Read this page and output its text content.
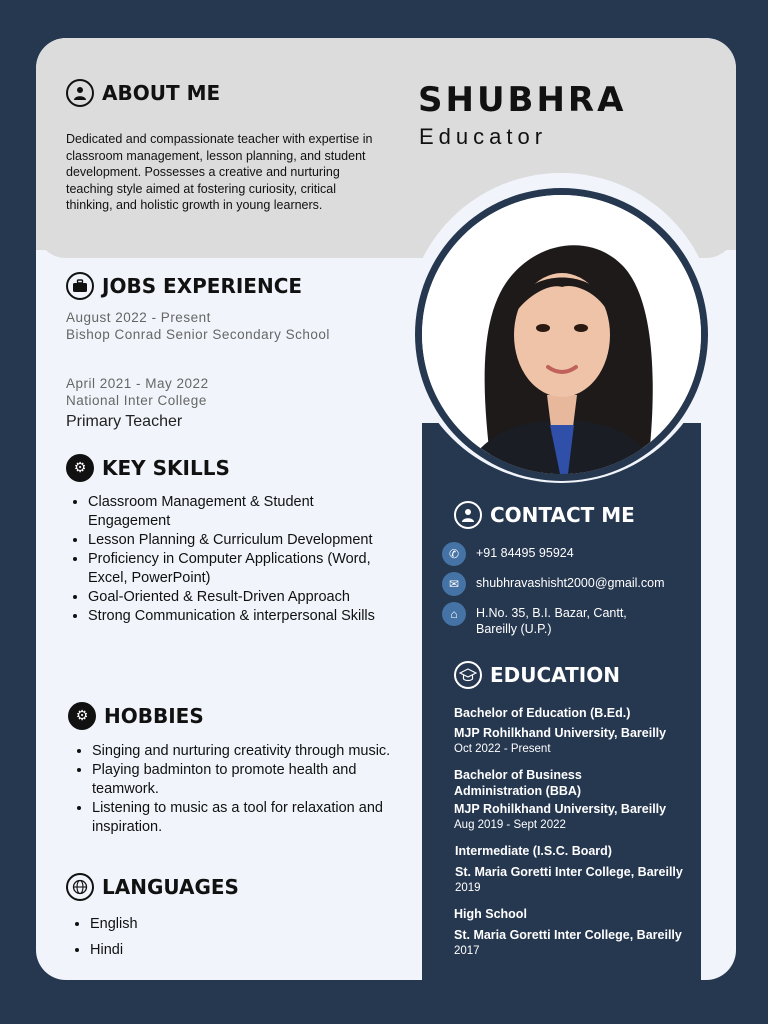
ABOUT ME
Dedicated and compassionate teacher with expertise in classroom management, lesson planning, and student development. Possesses a creative and nurturing teaching style aimed at fostering curiosity, critical thinking, and holistic growth in young learners.
SHUBHRA
Educator
JOBS EXPERIENCE
August 2022 - Present
Bishop Conrad Senior Secondary School
April 2021 - May 2022
National Inter College
Primary Teacher
⚙ KEY SKILLS
• Classroom Management & Student Engagement
• Lesson Planning & Curriculum Development
• Proficiency in Computer Applications (Word, Excel, PowerPoint)
• Goal-Oriented & Result-Driven Approach
• Strong Communication & interpersonal Skills
⚙ HOBBIES
• Singing and nurturing creativity through music.
• Playing badminton to promote health and teamwork.
• Listening to music as a tool for relaxation and inspiration.
LANGUAGES
• English
• Hindi
CONTACT ME
✆	+91 84495 95924
✉	shubhravashisht2000@gmail.com
⌂	H.No. 35, B.I. Bazar, Cantt,
Bareilly (U.P.)
EDUCATION
Bachelor of Education (B.Ed.)
MJP Rohilkhand University, Bareilly
Oct 2022 - Present
Bachelor of Business Administration (BBA)
MJP Rohilkhand University, Bareilly
Aug 2019 - Sept 2022
Intermediate (I.S.C. Board)
St. Maria Goretti Inter College, Bareilly
2019
High School
St. Maria Goretti Inter College, Bareilly
2017
